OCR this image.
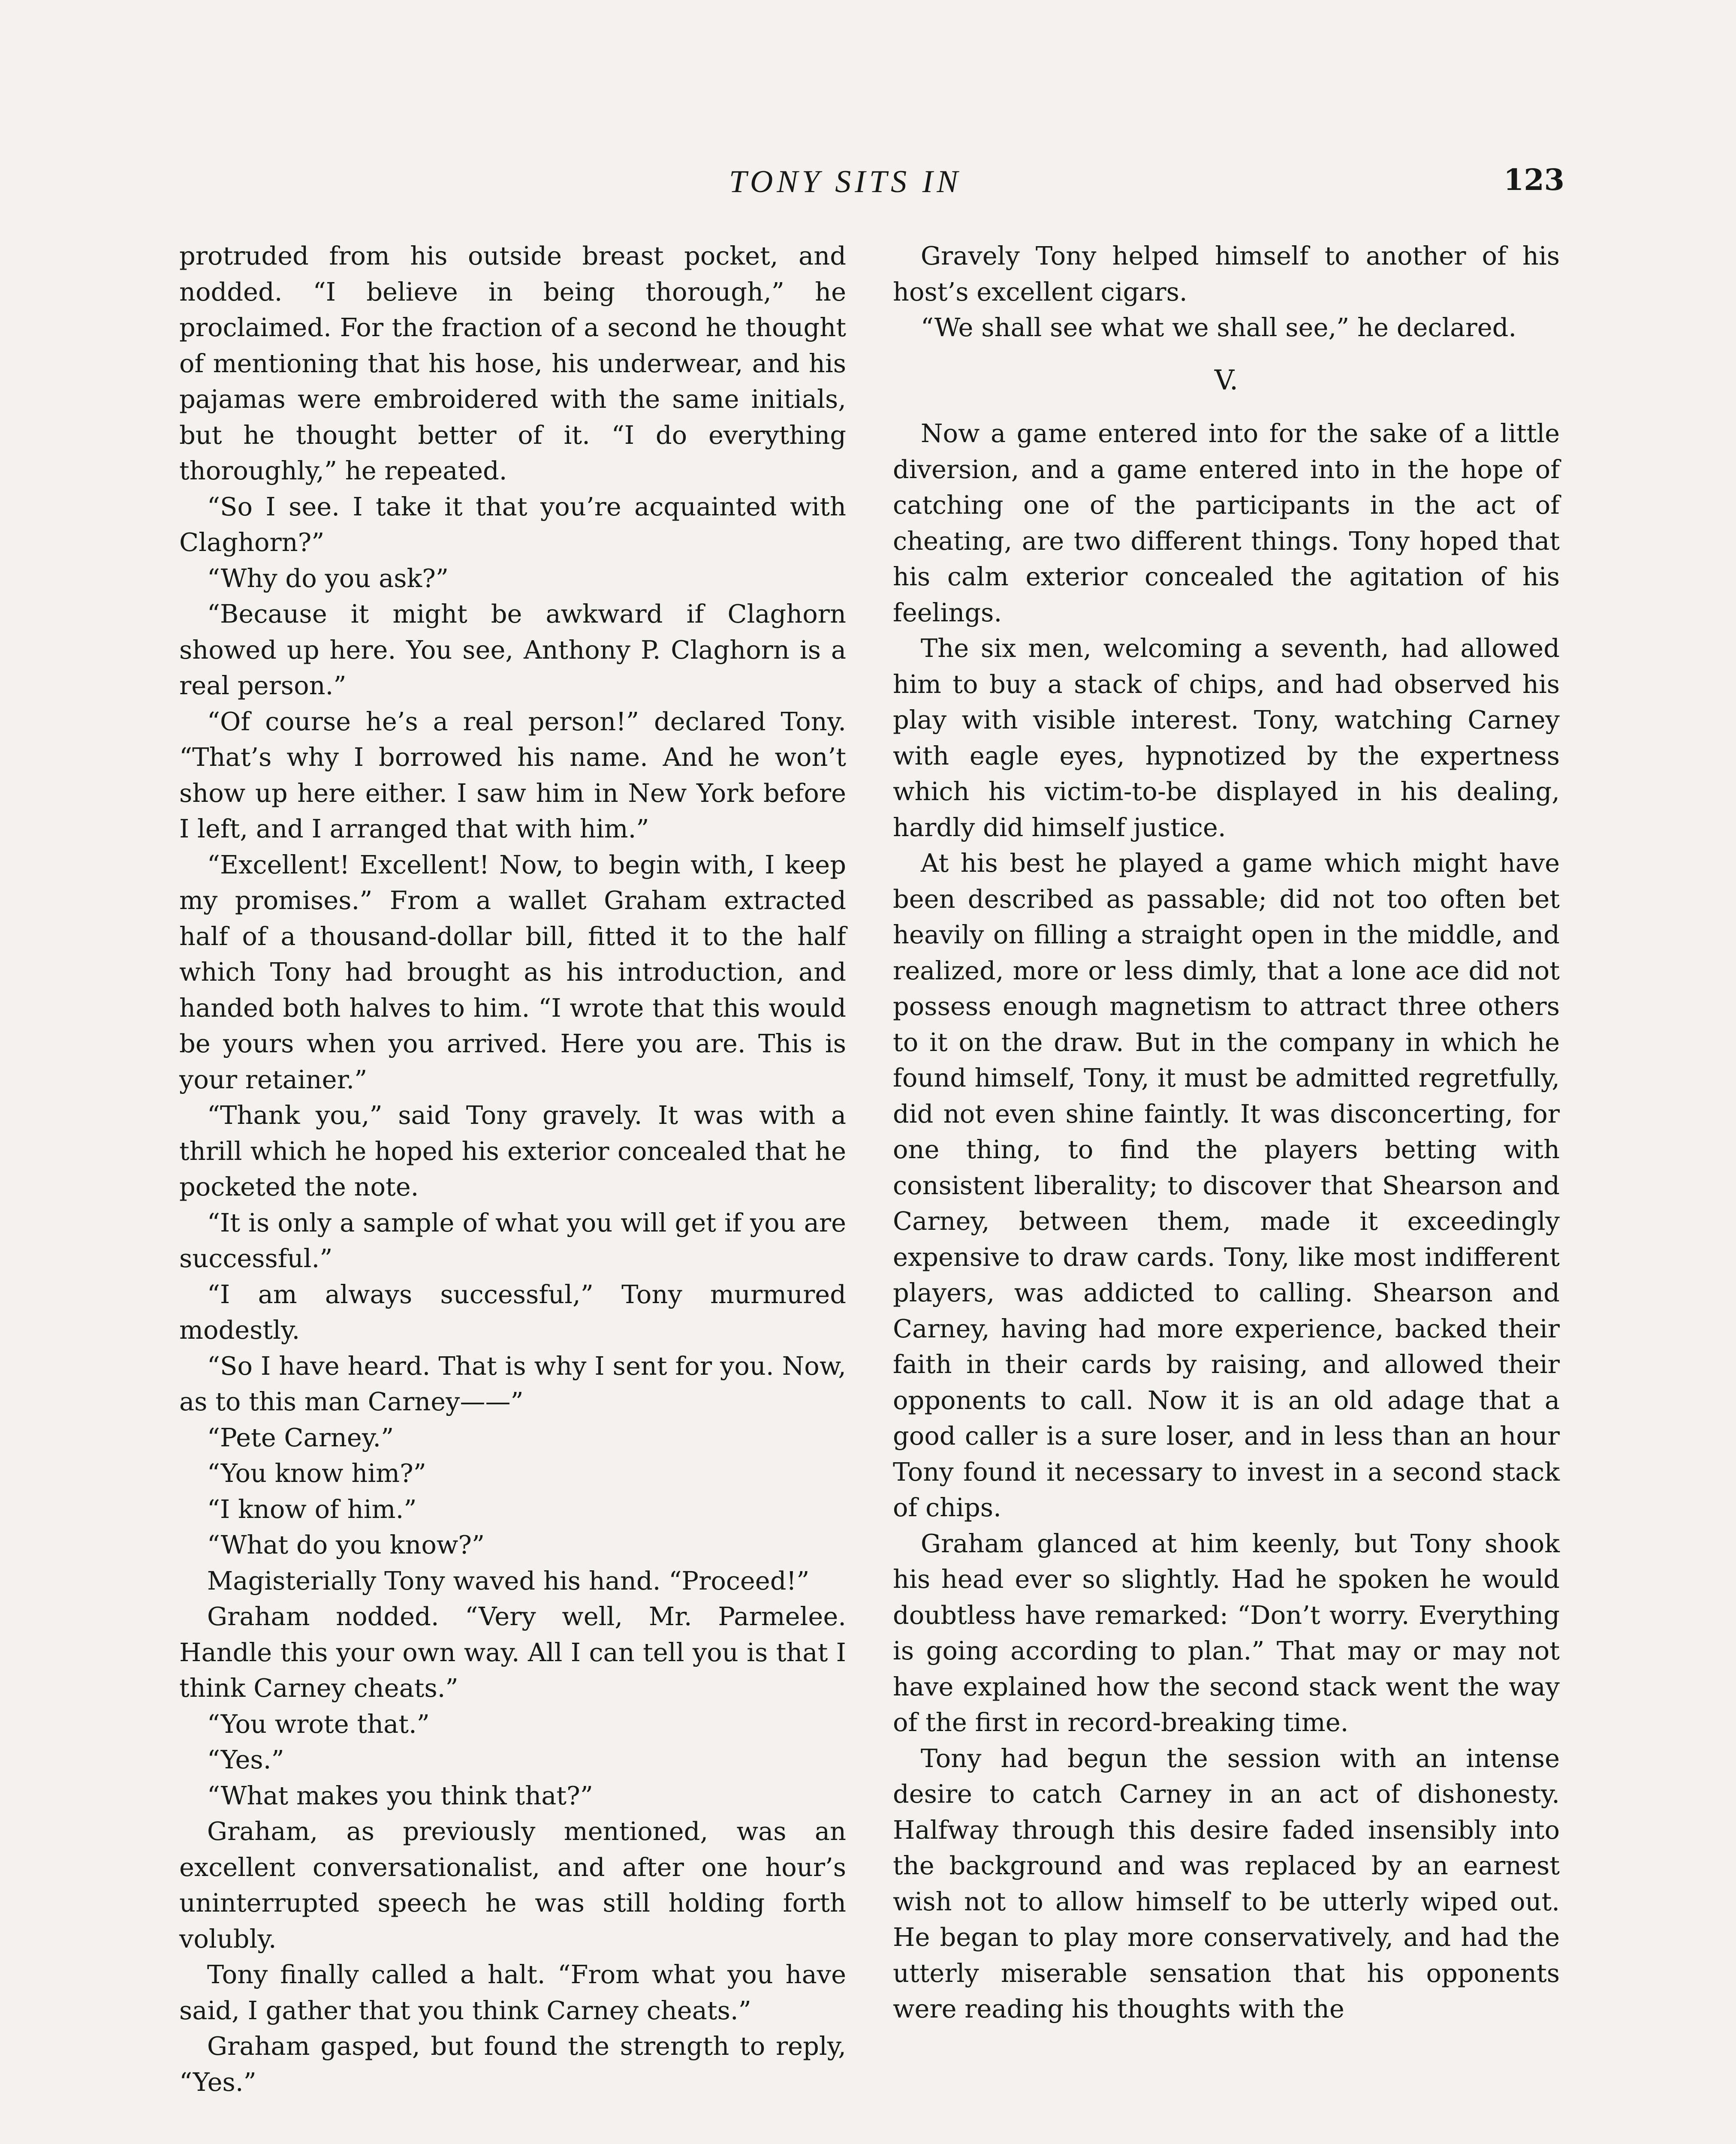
TONY SITS IN	123

protruded from his outside breast pocket, and nodded. “I believe in being thorough,” he proclaimed. For the fraction of a second he thought of mentioning that his hose, his underwear, and his pajamas were embroidered with the same initials, but he thought better of it. “I do everything thoroughly,” he repeated.

“So I see. I take it that you’re acquainted with Claghorn?”

“Why do you ask?”

“Because it might be awkward if Claghorn showed up here. You see, Anthony P. Claghorn is a real person.”

“Of course he’s a real person!” declared Tony. “That’s why I borrowed his name. And he won’t show up here either. I saw him in New York before I left, and I arranged that with him.”

“Excellent! Excellent! Now, to begin with, I keep my promises.” From a wallet Graham extracted half of a thousand-dollar bill, fitted it to the half which Tony had brought as his introduction, and handed both halves to him. “I wrote that this would be yours when you arrived. Here you are. This is your retainer.”

“Thank you,” said Tony gravely. It was with a thrill which he hoped his exterior concealed that he pocketed the note.

“It is only a sample of what you will get if you are successful.”

“I am always successful,” Tony murmured modestly.

“So I have heard. That is why I sent for you. Now, as to this man Carney——”

“Pete Carney.”

“You know him?”

“I know of him.”

“What do you know?”

Magisterially Tony waved his hand. “Proceed!”

Graham nodded. “Very well, Mr. Parmelee. Handle this your own way. All I can tell you is that I think Carney cheats.”

“You wrote that.”

“Yes.”

“What makes you think that?”

Graham, as previously mentioned, was an excellent conversationalist, and after one hour’s uninterrupted speech he was still holding forth volubly.

Tony finally called a halt. “From what you have said, I gather that you think Carney cheats.”

Graham gasped, but found the strength to reply, “Yes.”

Gravely Tony helped himself to another of his host’s excellent cigars.

“We shall see what we shall see,” he declared.

V.

Now a game entered into for the sake of a little diversion, and a game entered into in the hope of catching one of the participants in the act of cheating, are two different things. Tony hoped that his calm exterior concealed the agitation of his feelings.

The six men, welcoming a seventh, had allowed him to buy a stack of chips, and had observed his play with visible interest. Tony, watching Carney with eagle eyes, hypnotized by the expertness which his victim-to-be displayed in his dealing, hardly did himself justice.

At his best he played a game which might have been described as passable; did not too often bet heavily on filling a straight open in the middle, and realized, more or less dimly, that a lone ace did not possess enough magnetism to attract three others to it on the draw. But in the company in which he found himself, Tony, it must be admitted regretfully, did not even shine faintly. It was disconcerting, for one thing, to find the players betting with consistent liberality; to discover that Shearson and Carney, between them, made it exceedingly expensive to draw cards. Tony, like most indifferent players, was addicted to calling. Shearson and Carney, having had more experience, backed their faith in their cards by raising, and allowed their opponents to call. Now it is an old adage that a good caller is a sure loser, and in less than an hour Tony found it necessary to invest in a second stack of chips.

Graham glanced at him keenly, but Tony shook his head ever so slightly. Had he spoken he would doubtless have remarked: “Don’t worry. Everything is going according to plan.” That may or may not have explained how the second stack went the way of the first in record-breaking time.

Tony had begun the session with an intense desire to catch Carney in an act of dishonesty. Halfway through this desire faded insensibly into the background and was replaced by an earnest wish not to allow himself to be utterly wiped out. He began to play more conservatively, and had the utterly miserable sensation that his opponents were reading his thoughts with the
